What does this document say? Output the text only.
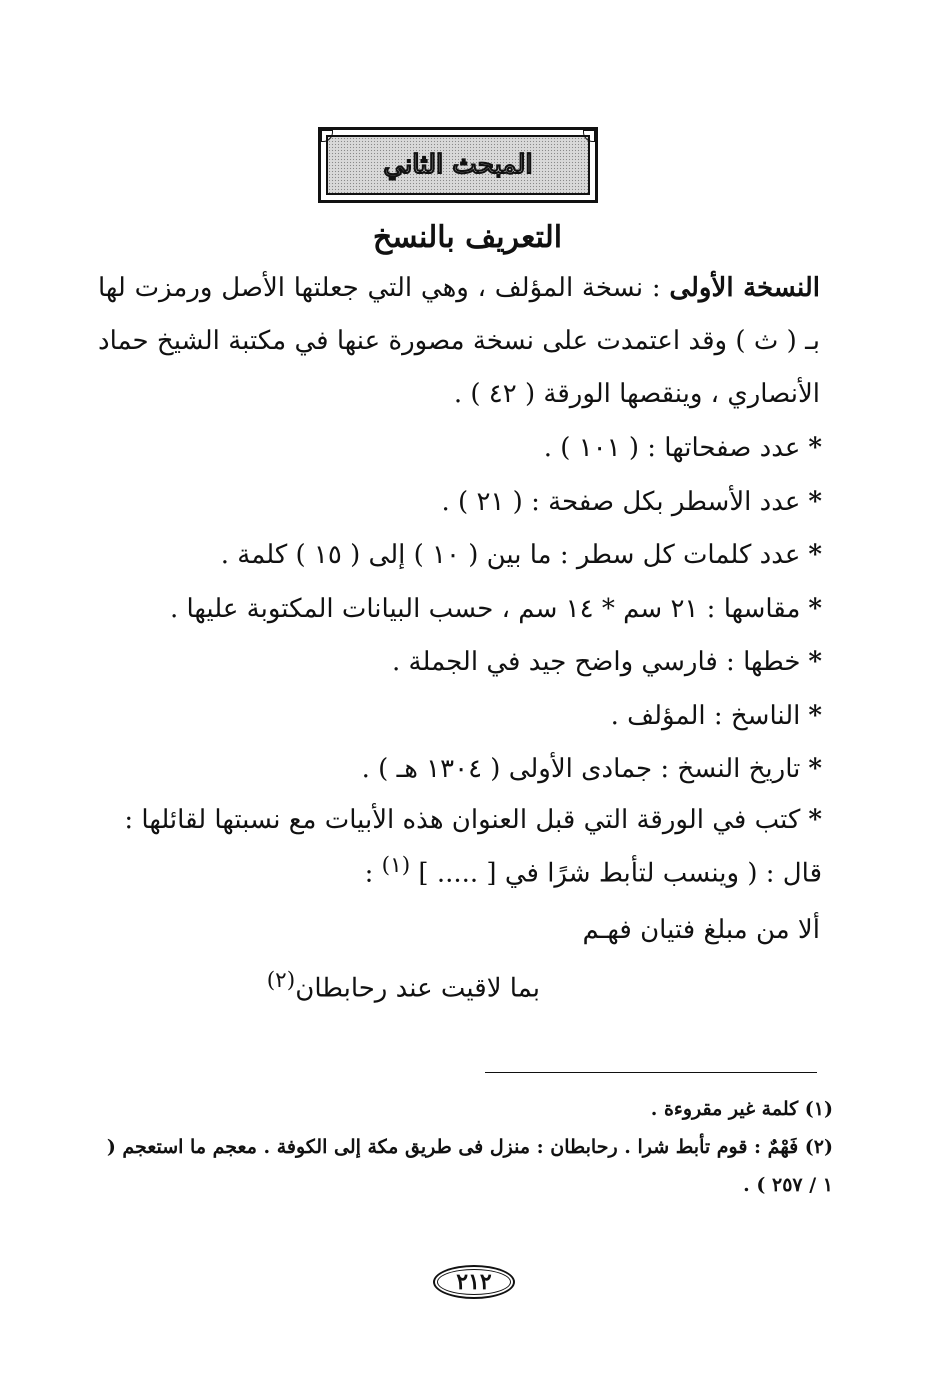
المبحث الثاني
التعريف بالنسخ
النسخة الأولى : نسخة المؤلف ، وهي التي جعلتها الأصل ورمزت لها بـ ( ث ) وقد اعتمدت على نسخة مصورة عنها في مكتبة الشيخ حماد الأنصاري ، وينقصها الورقة ( ٤٢ ) .
*عدد صفحاتها : ( ١٠١ ) .
*عدد الأسطر بكل صفحة : ( ٢١ ) .
*عدد كلمات كل سطر : ما بين ( ١٠ ) إلى ( ١٥ ) كلمة .
*مقاسها : ٢١ سم * ١٤ سم ، حسب البيانات المكتوبة عليها .
*خطها : فارسي واضح جيد في الجملة .
*الناسخ : المؤلف .
*تاريخ النسخ : جمادى الأولى ( ١٣٠٤ هـ ) .
*كتب في الورقة التي قبل العنوان هذه الأبيات مع نسبتها لقائلها :
قال : ( وينسب لتأبط شرًا في [ ..... ] $^{(١)}$ :
ألا من مبلغ فتيان فهـم
بما لاقيت عند رحابطان$^{(٢)}$
(١) كلمة غير مقروءة .
(٢) فَهْمٌ : قوم تأبط شرا . رحابطان : منزل فى طريق مكة إلى الكوفة . معجم ما استعجم ( ١ / ٢٥٧ ) .
٢١٢
